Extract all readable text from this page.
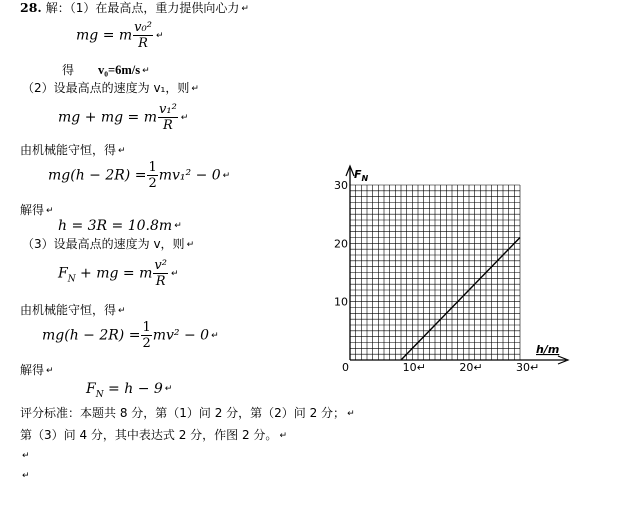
28. 解：（1）在最高点，重力提供向心力 ↵
mg = m $\frac{\text{v₀²}}{R}$ ↵
得 v₀=6m/s ↵
（2）设最高点的速度为 v₁，则 ↵
mg + mg = m $\frac{\text{v₁²}}{R}$ ↵
由机械能守恒，得 ↵
$mg(h - 2R) = \frac{1}{2} mv_1^2 - 0$ ↵
解得 ↵
h = 3R = 10.8m ↵
（3）设最高点的速度为 v，则 ↵
$F_N$ + mg = m $\frac{\text{v²}}{R}$ ↵
由机械能守恒，得 ↵
$mg(h - 2R) = \frac{1}{2} mv^2 - 0$ ↵
解得 ↵
$F_N = h - 9$ ↵
评分标准：本题共 8 分，第（1）问 2 分，第（2）问 2 分； ↵
第（3）问 4 分，其中表达式 2 分，作图 2 分。 ↵
↵
↵
0	10↵	20↵	30↵
10
20
30
$F_N$
h/m
